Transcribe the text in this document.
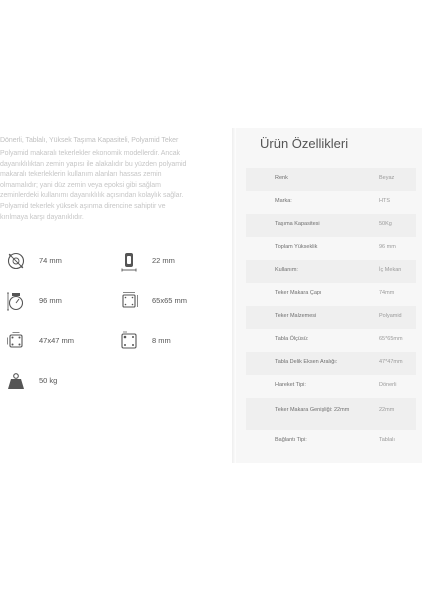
Dönerli, Tablalı, Yüksek Taşıma Kapasiteli, Polyamid Teker
Polyamid makaralı tekerlekler ekonomik modellerdir. Ancak
dayanıklılıktan zemin yapısı ile alakalıdır bu yüzden polyamid
makaralı tekerleklerin kullanım alanları hassas zemin
olmamalıdır; yani düz zemin veya epoksi gibi sağlam
zeminlerdeki kullanımı dayanıklılık açısından kolaylık sağlar.
Polyamid tekerlek yüksek aşınma direncine sahiptir ve
kırılmaya karşı dayanıklıdır.
74 mm	22 mm
96 mm	65x65 mm
47x47 mm	8 mm
50 kg
Ürün Özellikleri
Renk	Beyaz
Marka:	HTS
Taşıma Kapasitesi	50Kg
Toplam Yükseklik	96 mm
Kullanım:	İç Mekan
Teker Makara Çapı	74mm
Teker Malzemesi	Polyamid
Tabla Ölçüsü:	65*65mm
Tabla Delik Eksen Aralığı:	47*47mm
Hareket Tipi:	Dönerli
Teker Makara Genişliği: 22mm	22mm
Bağlantı Tipi:	Tablalı
